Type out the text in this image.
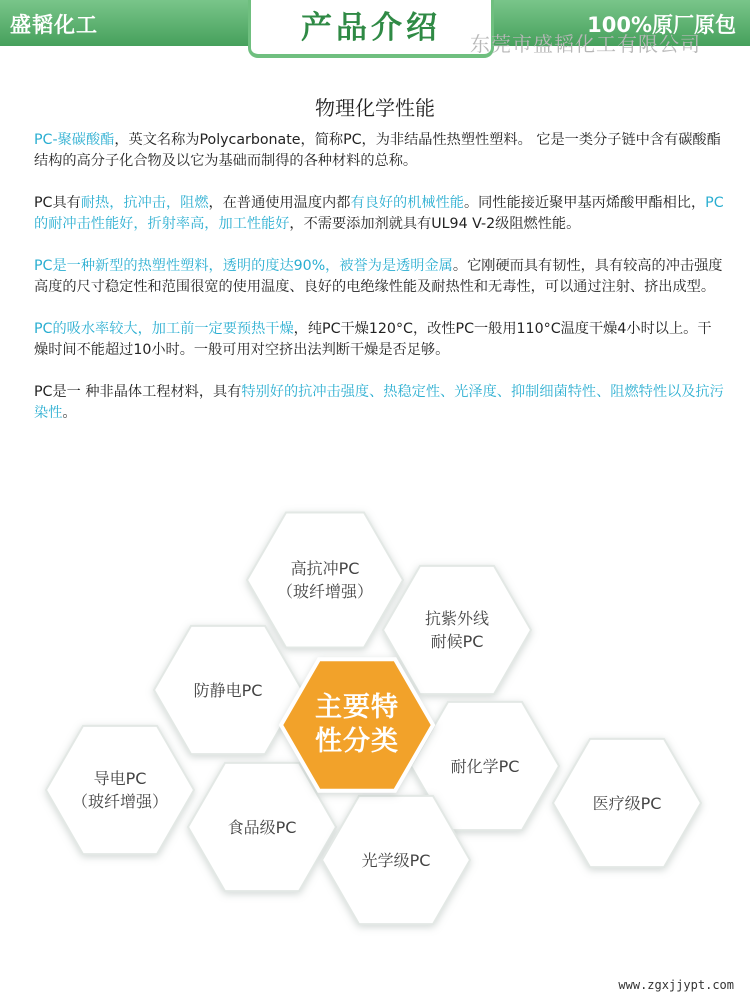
盛韬化工	100%原厂原包
产品介绍	东莞市盛韬化工有限公司
物理化学性能

PC-聚碳酸酯，英文名称为Polycarbonate，简称PC，为非结晶性热塑性塑料。 它是一类分子链中含有碳酸酯结构的高分子化合物及以它为基础而制得的各种材料的总称。

PC具有耐热，抗冲击，阻燃，在普通使用温度内都有良好的机械性能。同性能接近聚甲基丙烯酸甲酯相比，PC的耐冲击性能好，折射率高，加工性能好，不需要添加剂就具有UL94 V-2级阻燃性能。

PC是一种新型的热塑性塑料，透明的度达90%，被誉为是透明金属。它刚硬而具有韧性，具有较高的冲击强度高度的尺寸稳定性和范围很宽的使用温度、良好的电绝缘性能及耐热性和无毒性，可以通过注射、挤出成型。

PC的吸水率较大，加工前一定要预热干燥，纯PC干燥120°C，改性PC一般用110°C温度干燥4小时以上。干燥时间不能超过10小时。一般可用对空挤出法判断干燥是否足够。

PC是一 种非晶体工程材料，具有特别好的抗冲击强度、热稳定性、光泽度、抑制细菌特性、阻燃特性以及抗污染性。

高抗冲PC
（玻纤增强）
抗紫外线
耐候PC
防静电PC
导电PC
（玻纤增强）
耐化学PC
医疗级PC
食品级PC
光学级PC
主要特
性分类
www.zgxjjypt.com
